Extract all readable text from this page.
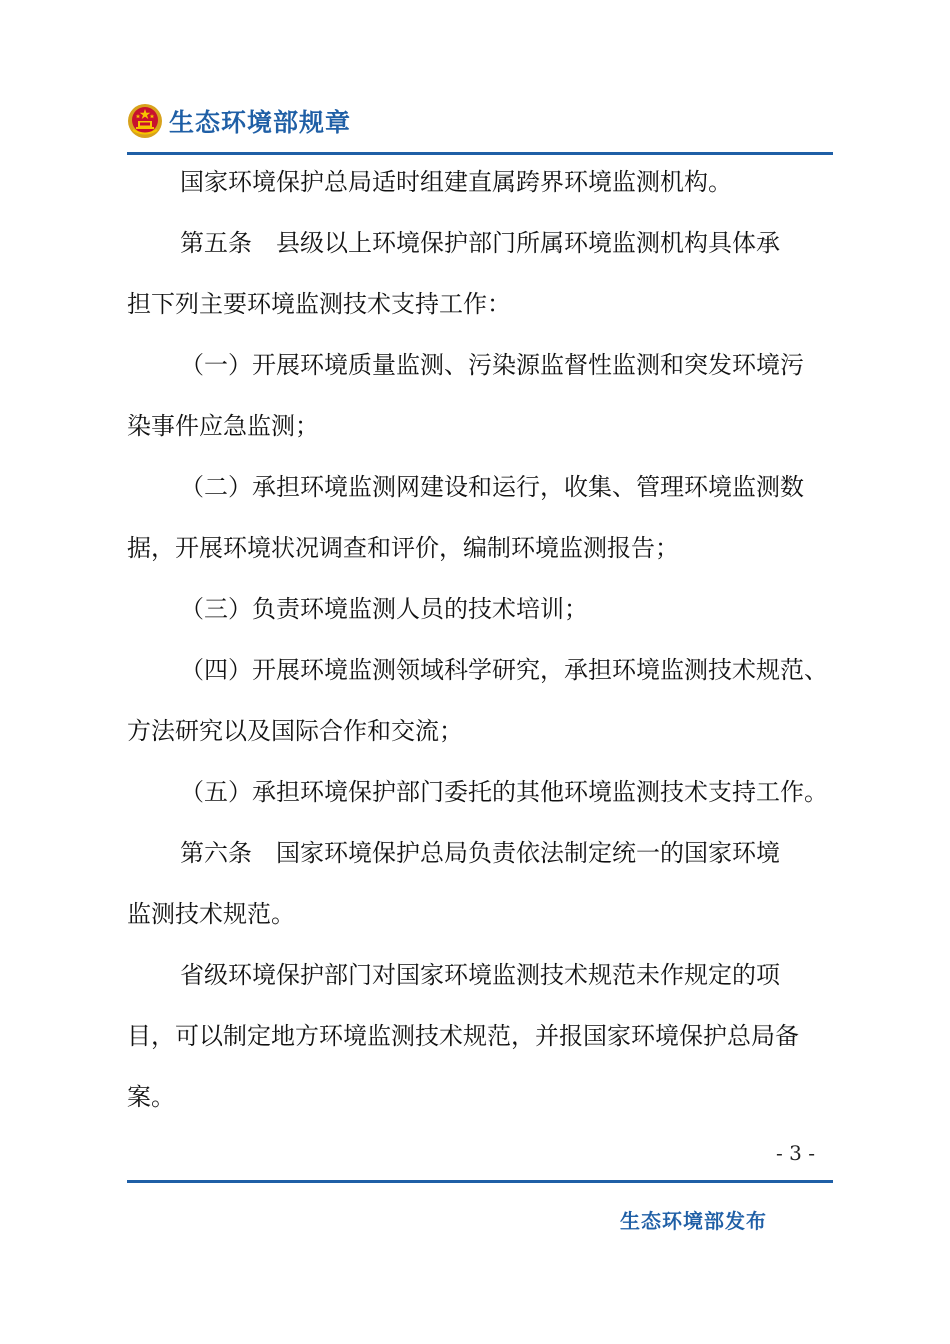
生态环境部规章
国家环境保护总局适时组建直属跨界环境监测机构。
第五条　县级以上环境保护部门所属环境监测机构具体承
担下列主要环境监测技术支持工作：
（一）开展环境质量监测、污染源监督性监测和突发环境污
染事件应急监测；
（二）承担环境监测网建设和运行，收集、管理环境监测数
据，开展环境状况调查和评价，编制环境监测报告；
（三）负责环境监测人员的技术培训；
（四）开展环境监测领域科学研究，承担环境监测技术规范、
方法研究以及国际合作和交流；
（五）承担环境保护部门委托的其他环境监测技术支持工作。
第六条　国家环境保护总局负责依法制定统一的国家环境
监测技术规范。
省级环境保护部门对国家环境监测技术规范未作规定的项
目，可以制定地方环境监测技术规范，并报国家环境保护总局备
案。
- 3 -
生态环境部发布
